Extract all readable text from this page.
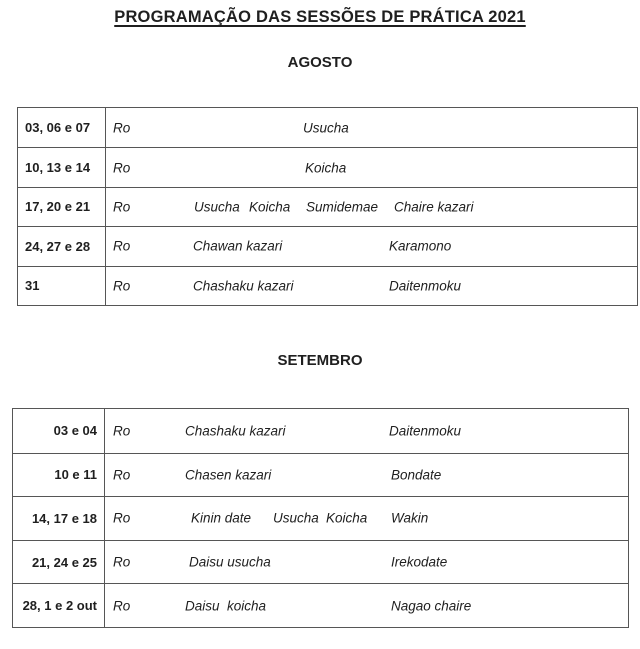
PROGRAMAÇÃO DAS SESSÕES DE PRÁTICA 2021
AGOSTO
SETEMBRO
03, 06 e 07	Ro	Usucha
10, 13 e 14	Ro	Koicha
17, 20 e 21	Ro	Usucha Koicha Sumidemae Chaire kazari
24, 27 e 28	Ro	Chawan kazari	Karamono
31	Ro	Chashaku kazari	Daitenmoku
03 e 04	Ro	Chashaku kazari	Daitenmoku
10 e 11	Ro	Chasen kazari	Bondate
14, 17 e 18	Ro	Kinin date Usucha Koicha Wakin
21, 24 e 25	Ro	Daisu usucha	Irekodate
28, 1 e 2 out	Ro	Daisu  koicha	Nagao chaire
